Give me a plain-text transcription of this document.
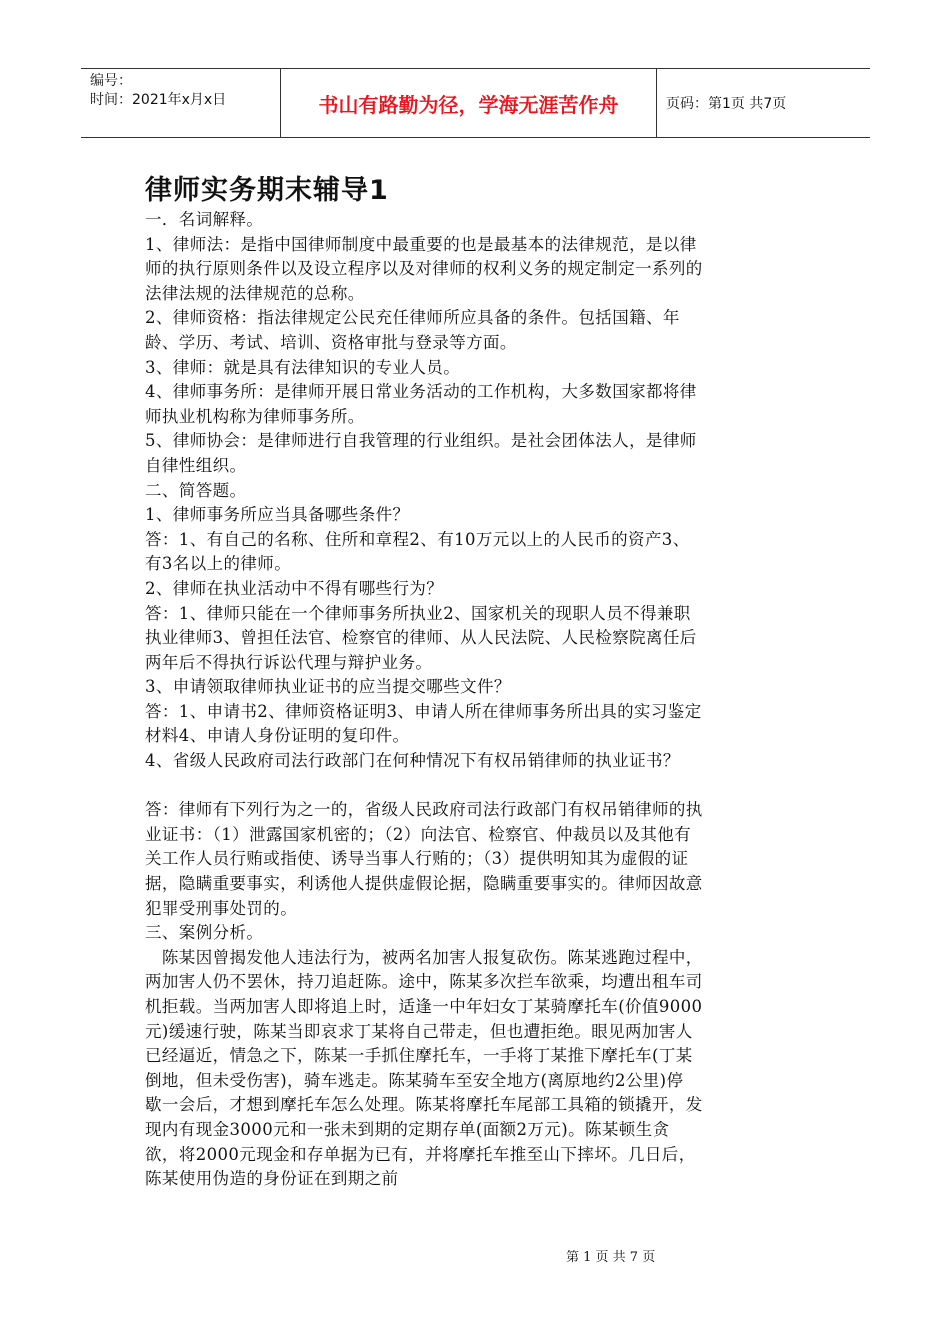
编号：
时间：2021年x月x日	书山有路勤为径，学海无涯苦作舟	页码：第1页 共7页
律师实务期末辅导1
一．名词解释。
1、律师法：是指中国律师制度中最重要的也是最基本的法律规范，是以律
师的执行原则条件以及设立程序以及对律师的权利义务的规定制定一系列的
法律法规的法律规范的总称。
2、律师资格：指法律规定公民充任律师所应具备的条件。包括国籍、年
龄、学历、考试、培训、资格审批与登录等方面。
3、律师：就是具有法律知识的专业人员。
4、律师事务所：是律师开展日常业务活动的工作机构，大多数国家都将律
师执业机构称为律师事务所。
5、律师协会：是律师进行自我管理的行业组织。是社会团体法人，是律师
自律性组织。
二、简答题。
1、律师事务所应当具备哪些条件？
答：1、有自己的名称、住所和章程2、有10万元以上的人民币的资产3、
有3名以上的律师。
2、律师在执业活动中不得有哪些行为？
答：1、律师只能在一个律师事务所执业2、国家机关的现职人员不得兼职
执业律师3、曾担任法官、检察官的律师、从人民法院、人民检察院离任后
两年后不得执行诉讼代理与辩护业务。
3、申请领取律师执业证书的应当提交哪些文件？
答：1、申请书2、律师资格证明3、申请人所在律师事务所出具的实习鉴定
材料4、申请人身份证明的复印件。
4、省级人民政府司法行政部门在何种情况下有权吊销律师的执业证书？
答：律师有下列行为之一的，省级人民政府司法行政部门有权吊销律师的执
业证书：（1）泄露国家机密的；（2）向法官、检察官、仲裁员以及其他有
关工作人员行贿或指使、诱导当事人行贿的；（3）提供明知其为虚假的证
据，隐瞒重要事实，利诱他人提供虚假论据，隐瞒重要事实的。律师因故意
犯罪受刑事处罚的。
三、案例分析。
　陈某因曾揭发他人违法行为，被两名加害人报复砍伤。陈某逃跑过程中，
两加害人仍不罢休，持刀追赶陈。途中，陈某多次拦车欲乘，均遭出租车司
机拒载。当两加害人即将追上时，适逢一中年妇女丁某骑摩托车(价值9000
元)缓速行驶，陈某当即哀求丁某将自己带走，但也遭拒绝。眼见两加害人
已经逼近，情急之下，陈某一手抓住摩托车，一手将丁某推下摩托车(丁某
倒地，但未受伤害)，骑车逃走。陈某骑车至安全地方(离原地约2公里)停
歇一会后，才想到摩托车怎么处理。陈某将摩托车尾部工具箱的锁撬开，发
现内有现金3000元和一张未到期的定期存单(面额2万元)。陈某顿生贪
欲，将2000元现金和存单据为已有，并将摩托车推至山下摔坏。几日后，
陈某使用伪造的身份证在到期之前
第 1 页 共 7 页
